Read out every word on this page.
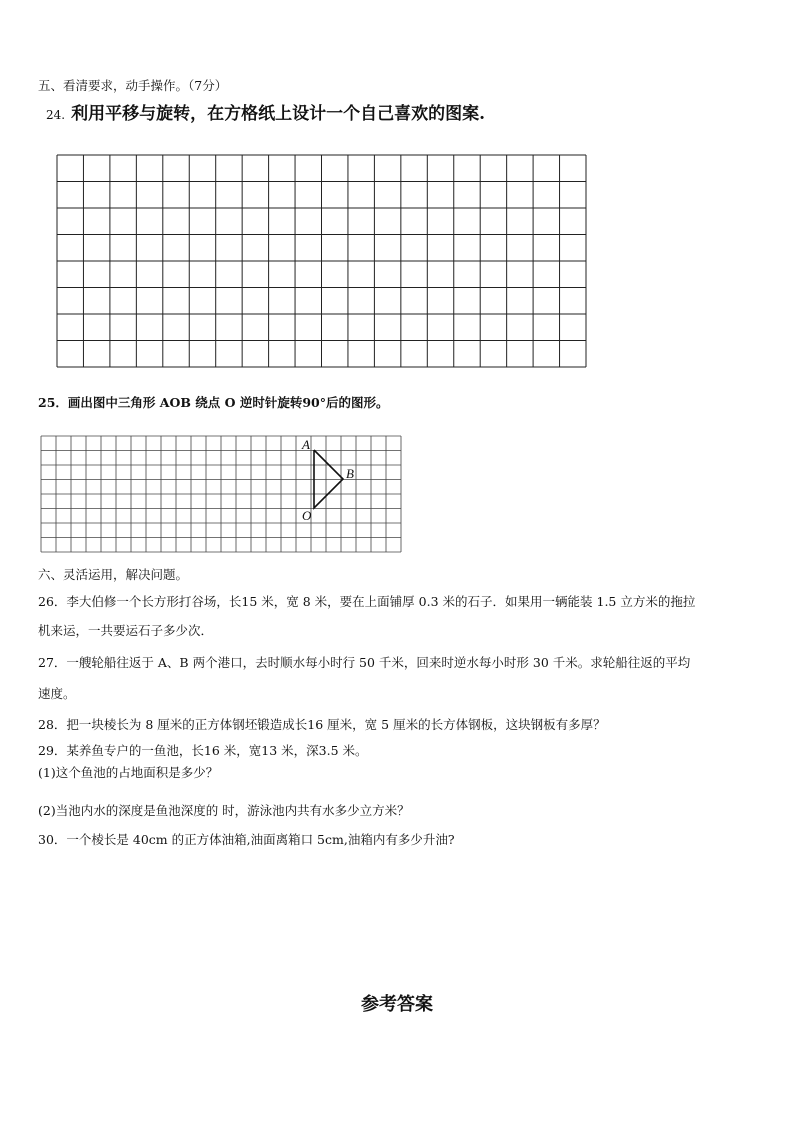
五、看清要求，动手操作。（7分）
24. 利用平移与旋转，在方格纸上设计一个自己喜欢的图案.
25．画出图中三角形 AOB 绕点 O 逆时针旋转90°后的图形。
A
B
O
六、灵活运用，解决问题。
26．李大伯修一个长方形打谷场，长15 米，宽 8 米，要在上面铺厚 0.3 米的石子．如果用一辆能装 1.5 立方米的拖拉
机来运，一共要运石子多少次．
27．一艘轮船往返于 A、B 两个港口，去时顺水每小时行 50 千米，回来时逆水每小时形 30 千米。求轮船往返的平均
速度。
28．把一块棱长为 8 厘米的正方体钢坯锻造成长16 厘米，宽 5 厘米的长方体钢板，这块钢板有多厚？
29．某养鱼专户的一鱼池，长16 米，宽13 米，深3.5 米。
(1)这个鱼池的占地面积是多少？
(2)当池内水的深度是鱼池深度的 时，游泳池内共有水多少立方米？
30．一个棱长是 40cm 的正方体油箱,油面离箱口 5cm,油箱内有多少升油?
参考答案
